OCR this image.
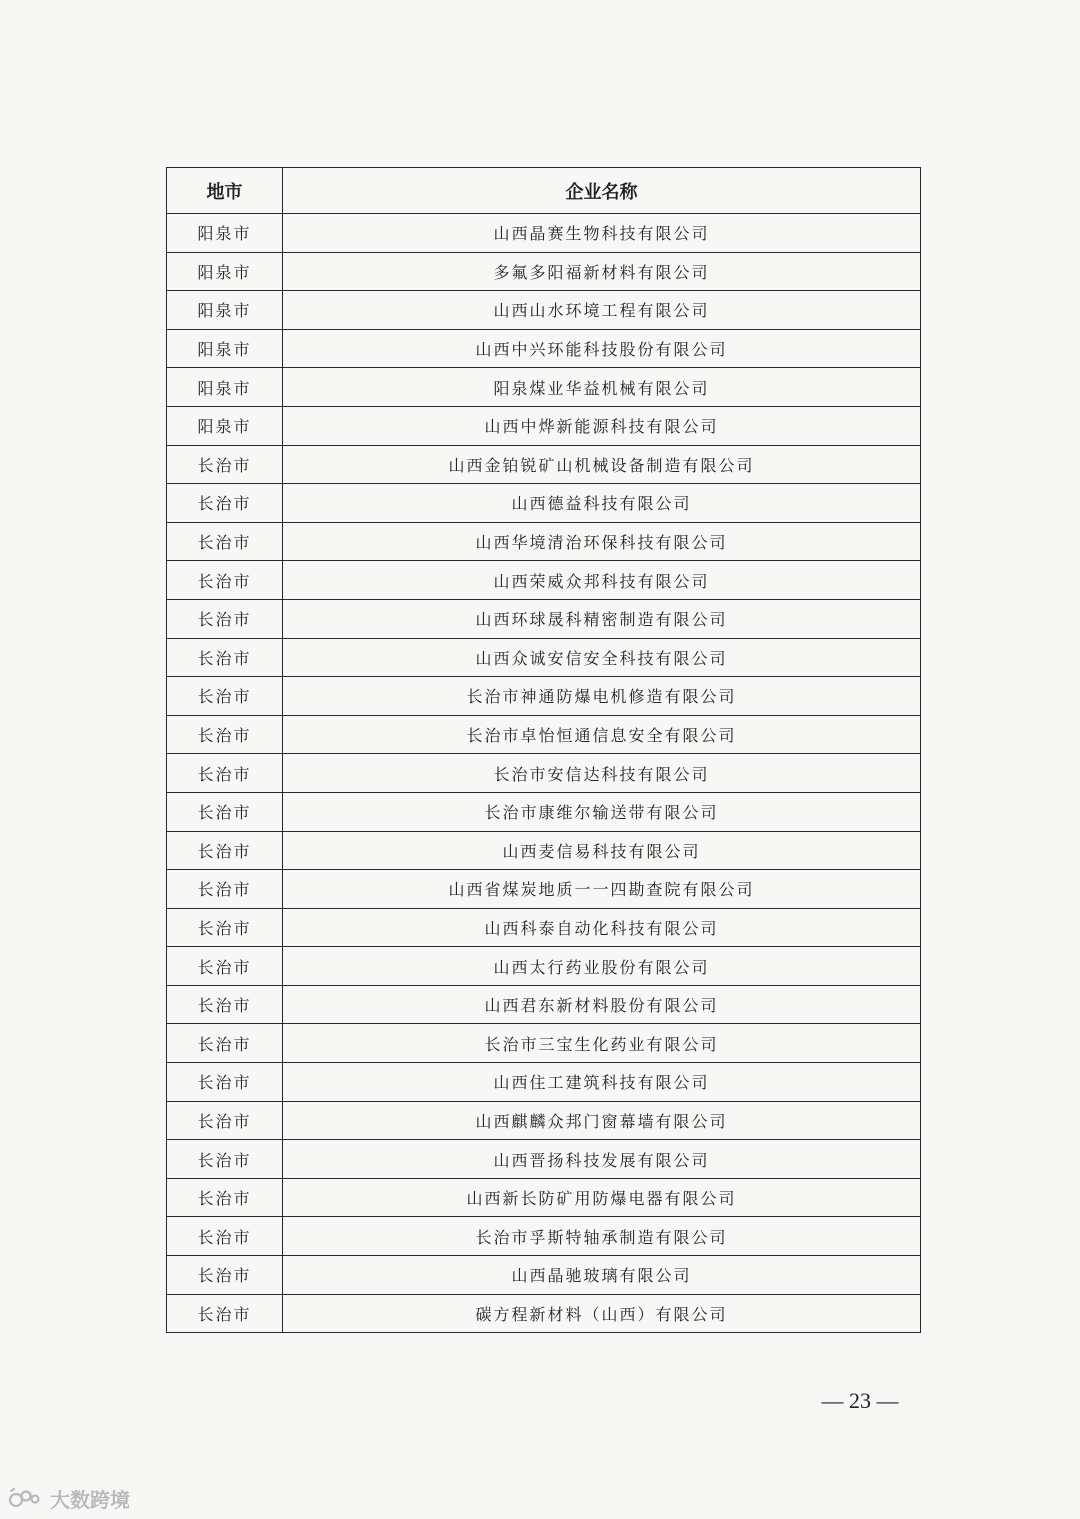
地市	企业名称
阳泉市	山西晶赛生物科技有限公司
阳泉市	多氟多阳福新材料有限公司
阳泉市	山西山水环境工程有限公司
阳泉市	山西中兴环能科技股份有限公司
阳泉市	阳泉煤业华益机械有限公司
阳泉市	山西中烨新能源科技有限公司
长治市	山西金铂锐矿山机械设备制造有限公司
长治市	山西德益科技有限公司
长治市	山西华境清治环保科技有限公司
长治市	山西荣威众邦科技有限公司
长治市	山西环球晟科精密制造有限公司
长治市	山西众诚安信安全科技有限公司
长治市	长治市神通防爆电机修造有限公司
长治市	长治市卓怡恒通信息安全有限公司
长治市	长治市安信达科技有限公司
长治市	长治市康维尔输送带有限公司
长治市	山西麦信易科技有限公司
长治市	山西省煤炭地质一一四勘查院有限公司
长治市	山西科泰自动化科技有限公司
长治市	山西太行药业股份有限公司
长治市	山西君东新材料股份有限公司
长治市	长治市三宝生化药业有限公司
长治市	山西住工建筑科技有限公司
长治市	山西麒麟众邦门窗幕墙有限公司
长治市	山西晋扬科技发展有限公司
长治市	山西新长防矿用防爆电器有限公司
长治市	长治市孚斯特轴承制造有限公司
长治市	山西晶驰玻璃有限公司
长治市	碳方程新材料（山西）有限公司
— 23 —
大数跨境
